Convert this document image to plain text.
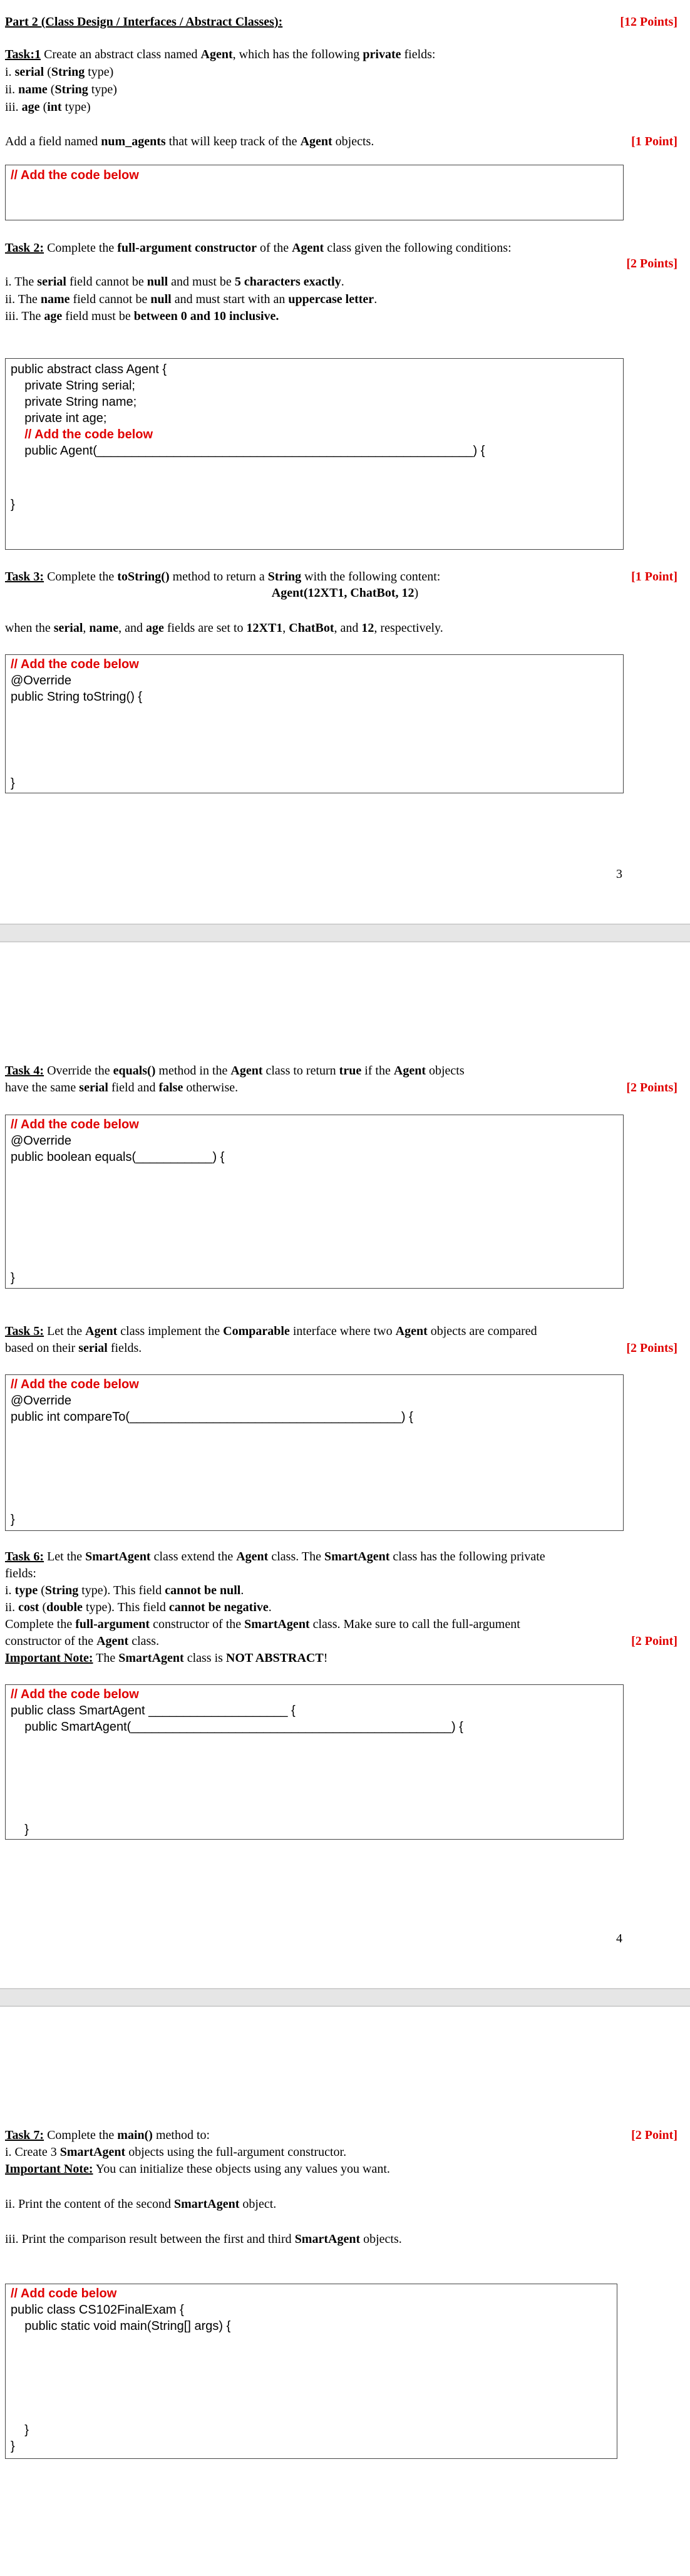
Part 2 (Class Design / Interfaces / Abstract Classes):	[12 Points]
Task:1 Create an abstract class named Agent, which has the following private fields:
i. serial (String type)
ii. name (String type)
iii. age (int type)
Add a field named num_agents that will keep track of the Agent objects.	[1 Point]
// Add the code below
Task 2: Complete the full-argument constructor of the Agent class given the following conditions:
[2 Points]
i. The serial field cannot be null and must be 5 characters exactly.
ii. The name field cannot be null and must start with an uppercase letter.
iii. The age field must be between 0 and 10 inclusive.
public abstract class Agent {
private String serial;
private String name;
private int age;
// Add the code below
public Agent(______________________________________________________) {
}
Task 3: Complete the toString() method to return a String with the following content:	[1 Point]
Agent(12XT1, ChatBot, 12)
when the serial, name, and age fields are set to 12XT1, ChatBot, and 12, respectively.
// Add the code below
@Override
public String toString() {
}
3
Task 4: Override the equals() method in the Agent class to return true if the Agent objects
have the same serial field and false otherwise.	[2 Points]
// Add the code below
@Override
public boolean equals(___________) {
}
Task 5: Let the Agent class implement the Comparable interface where two Agent objects are compared
based on their serial fields.	[2 Points]
// Add the code below
@Override
public int compareTo(_______________________________________) {
}
Task 6: Let the SmartAgent class extend the Agent class. The SmartAgent class has the following private
fields:
i. type (String type). This field cannot be null.
ii. cost (double type). This field cannot be negative.
Complete the full-argument constructor of the SmartAgent class. Make sure to call the full-argument
constructor of the Agent class.	[2 Point]
Important Note: The SmartAgent class is NOT ABSTRACT!
// Add the code below
public class SmartAgent ____________________ {
public SmartAgent(______________________________________________) {
}
4
Task 7: Complete the main() method to:	[2 Point]
i. Create 3 SmartAgent objects using the full-argument constructor.
Important Note: You can initialize these objects using any values you want.
ii. Print the content of the second SmartAgent object.
iii. Print the comparison result between the first and third SmartAgent objects.
// Add code below
public class CS102FinalExam {
public static void main(String[] args) {
}
}
